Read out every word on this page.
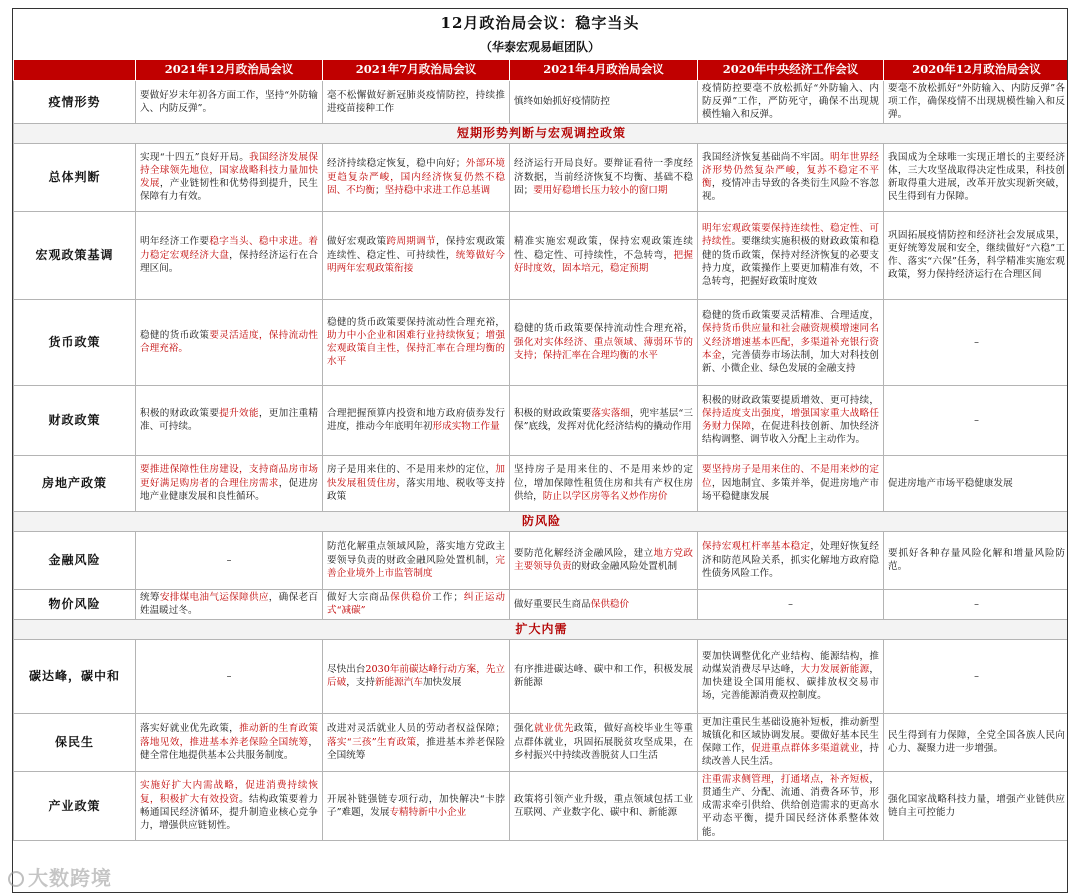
12月政治局会议：稳字当头
（华泰宏观易峘团队）
	2021年12月政治局会议	2021年7月政治局会议	2021年4月政治局会议	2020年中央经济工作会议	2020年12月政治局会议
疫情形势	要做好岁末年初各方面工作，坚持“外防输入、内防反弹”。	毫不松懈做好新冠肺炎疫情防控，持续推进疫苗接种工作	慎终如始抓好疫情防控	疫情防控要毫不放松抓好“外防输入、内防反弹”工作，严防死守，确保不出现规模性输入和反弹。	要毫不放松抓好“外防输入、内防反弹”各项工作，确保疫情不出现规模性输入和反弹。
短期形势判断与宏观调控政策					
总体判断	实现“十四五”良好开局。我国经济发展保持全球领先地位，国家战略科技力量加快发展，产业链韧性和优势得到提升，民生保障有力有效。	经济持续稳定恢复，稳中向好；外部环境更趋复杂严峻，国内经济恢复仍然不稳固、不均衡；坚持稳中求进工作总基调	经济运行开局良好。要辩证看待一季度经济数据，当前经济恢复不均衡、基础不稳固；要用好稳增长压力较小的窗口期	我国经济恢复基础尚不牢固。明年世界经济形势仍然复杂严峻，复苏不稳定不平衡，疫情冲击导致的各类衍生风险不容忽视。	我国成为全球唯一实现正增长的主要经济体，三大攻坚战取得决定性成果，科技创新取得重大进展，改革开放实现新突破，民生得到有力保障。
宏观政策基调	明年经济工作要稳字当头、稳中求进。着力稳定宏观经济大盘，保持经济运行在合理区间。	做好宏观政策跨周期调节，保持宏观政策连续性、稳定性、可持续性，统筹做好今明两年宏观政策衔接	精准实施宏观政策，保持宏观政策连续性、稳定性、可持续性，不急转弯，把握好时度效，固本培元，稳定预期	明年宏观政策要保持连续性、稳定性、可持续性。要继续实施积极的财政政策和稳健的货币政策，保持对经济恢复的必要支持力度，政策操作上要更加精准有效，不急转弯，把握好政策时度效	巩固拓展疫情防控和经济社会发展成果，更好统筹发展和安全，继续做好“六稳”工作、落实“六保”任务，科学精准实施宏观政策，努力保持经济运行在合理区间
货币政策	稳健的货币政策要灵活适度，保持流动性合理充裕。	稳健的货币政策要保持流动性合理充裕，助力中小企业和困难行业持续恢复；增强宏观政策自主性，保持汇率在合理均衡的水平	稳健的货币政策要保持流动性合理充裕，强化对实体经济、重点领域、薄弱环节的支持；保持汇率在合理均衡的水平	稳健的货币政策要灵活精准、合理适度，保持货币供应量和社会融资规模增速同名义经济增速基本匹配，多渠道补充银行资本金，完善债券市场法制，加大对科技创新、小微企业、绿色发展的金融支持	–
财政政策	积极的财政政策要提升效能，更加注重精准、可持续。	合理把握预算内投资和地方政府债券发行进度，推动今年底明年初形成实物工作量	积极的财政政策要落实落细，兜牢基层“三保”底线，发挥对优化经济结构的撬动作用	积极的财政政策要提质增效、更可持续，保持适度支出强度，增强国家重大战略任务财力保障，在促进科技创新、加快经济结构调整、调节收入分配上主动作为。	–
房地产政策	要推进保障性住房建设，支持商品房市场更好满足购房者的合理住房需求，促进房地产业健康发展和良性循环。	房子是用来住的、不是用来炒的定位，加快发展租赁住房，落实用地、税收等支持政策	坚持房子是用来住的、不是用来炒的定位，增加保障性租赁住房和共有产权住房供给，防止以学区房等名义炒作房价	要坚持房子是用来住的、不是用来炒的定位，因地制宜、多策并举，促进房地产市场平稳健康发展	促进房地产市场平稳健康发展
防风险					
金融风险	–	防范化解重点领域风险，落实地方党政主要领导负责的财政金融风险处置机制，完善企业境外上市监管制度	要防范化解经济金融风险，建立地方党政主要领导负责的财政金融风险处置机制	保持宏观杠杆率基本稳定，处理好恢复经济和防范风险关系，抓实化解地方政府隐性债务风险工作。	要抓好各种存量风险化解和增量风险防范。
物价风险	统筹安排煤电油气运保障供应，确保老百姓温暖过冬。	做好大宗商品保供稳价工作；纠正运动式“减碳”	做好重要民生商品保供稳价	–	–
扩大内需					
碳达峰，碳中和	–	尽快出台2030年前碳达峰行动方案，先立后破，支持新能源汽车加快发展	有序推进碳达峰、碳中和工作，积极发展新能源	要加快调整优化产业结构、能源结构，推动煤炭消费尽早达峰，大力发展新能源，加快建设全国用能权、碳排放权交易市场，完善能源消费双控制度。	–
保民生	落实好就业优先政策，推动新的生育政策落地见效，推进基本养老保险全国统筹，健全常住地提供基本公共服务制度。	改进对灵活就业人员的劳动者权益保障；落实“三孩”生育政策，推进基本养老保险全国统筹	强化就业优先政策，做好高校毕业生等重点群体就业，巩固拓展脱贫攻坚成果，在乡村振兴中持续改善脱贫人口生活	更加注重民生基础设施补短板，推动新型城镇化和区域协调发展。要做好基本民生保障工作，促进重点群体多渠道就业，持续改善人民生活。	民生得到有力保障，全党全国各族人民向心力、凝聚力进一步增强。
产业政策	实施好扩大内需战略，促进消费持续恢复，积极扩大有效投资。结构政策要着力畅通国民经济循环，提升制造业核心竞争力，增强供应链韧性。	开展补链强链专项行动，加快解决“卡脖子”难题，发展专精特新中小企业	政策将引领产业升级，重点领域包括工业互联网、产业数字化、碳中和、新能源	注重需求侧管理，打通堵点，补齐短板，贯通生产、分配、流通、消费各环节，形成需求牵引供给、供给创造需求的更高水平动态平衡，提升国民经济体系整体效能。	强化国家战略科技力量，增强产业链供应链自主可控能力
大数跨境
